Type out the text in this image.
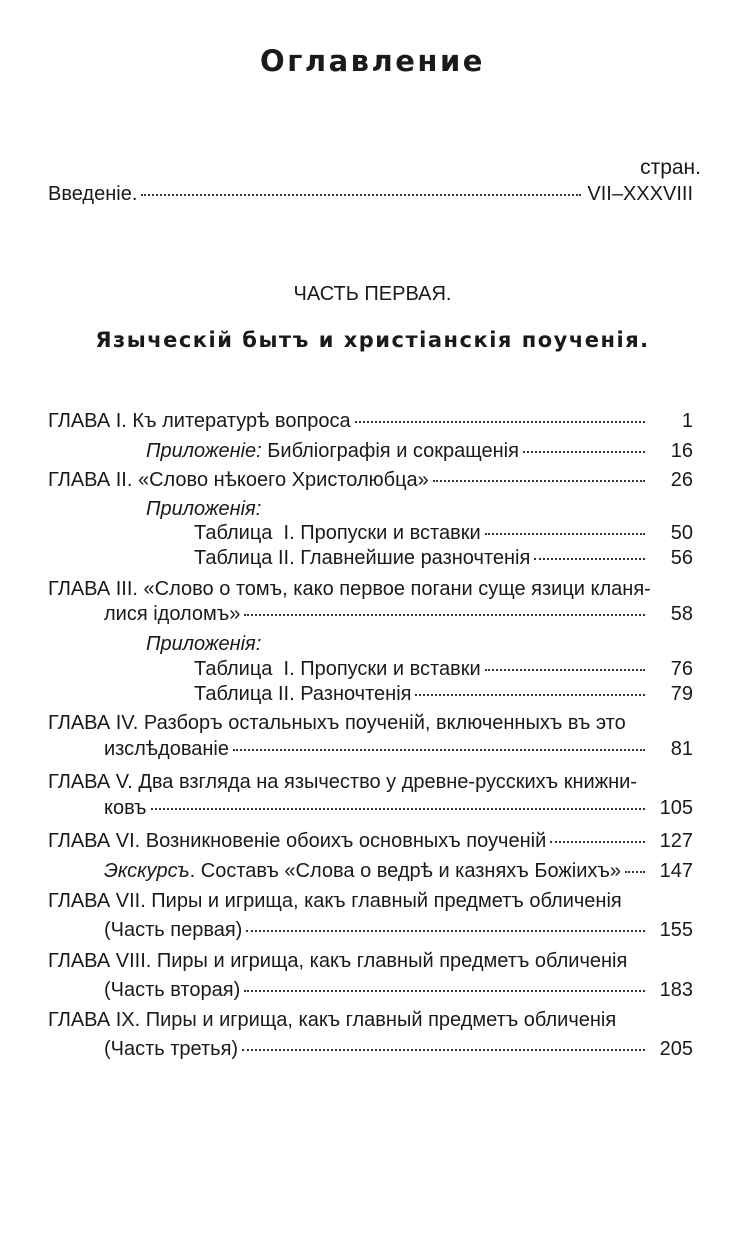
Оглавление
стран.
Введеніе.	VII–XXXVIII
ЧАСТЬ ПЕРВАЯ.
Языческій бытъ и христіанскія поученія.
ГЛАВА I. Къ литературѣ вопроса	1
Приложеніе: Библіографія и сокращенія	16
ГЛАВА II. «Слово нѣкоего Христолюбца»	26
Приложенія:
Таблица  I. Пропуски и вставки	50
Таблица II. Главнейшие разночтенія	56
ГЛАВА III. «Слово о томъ, како первое погани суще язици кланя-
лися ідоломъ»	58
Приложенія:
Таблица  I. Пропуски и вставки	76
Таблица II. Разночтенія	79
ГЛАВА IV. Разборъ остальныхъ поученій, включенныхъ въ это
изслѣдованіе	81
ГЛАВА V. Два взгляда на язычество у древне-русскихъ книжни-
ковъ	105
ГЛАВА VI. Возникновеніе обоихъ основныхъ поученій	127
Экскурсъ . Составъ «Слова о ведрѣ и казняхъ Божіихъ»	147
ГЛАВА VII. Пиры и игрища, какъ главный предметъ обличенія
(Часть первая)	155
ГЛАВА VIII. Пиры и игрища, какъ главный предметъ обличенія
(Часть вторая)	183
ГЛАВА IX. Пиры и игрища, какъ главный предметъ обличенія
(Часть третья)	205
